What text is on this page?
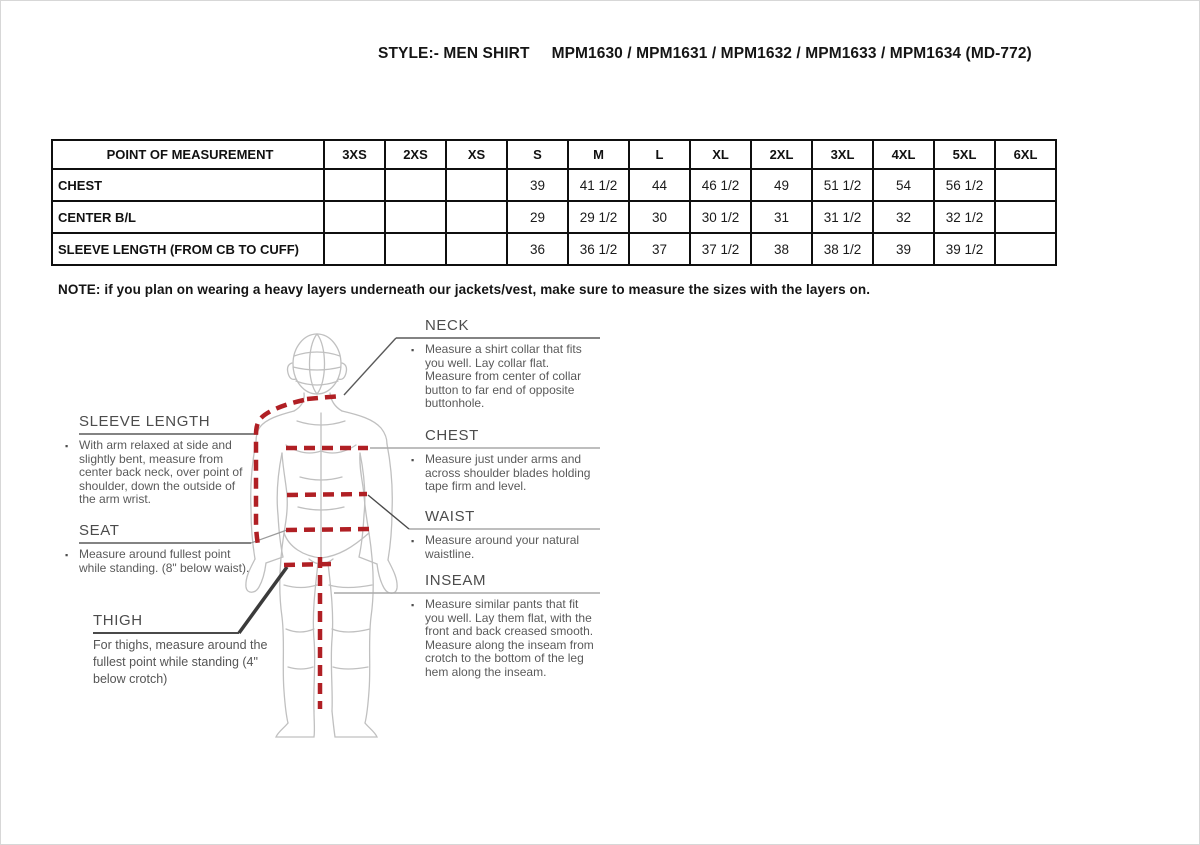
STYLE:- MEN SHIRT     MPM1630 / MPM1631 / MPM1632 / MPM1633 / MPM1634 (MD-772)
POINT OF MEASUREMENT	3XS	2XS	XS	S	M	L	XL	2XL	3XL	4XL	5XL	6XL
CHEST				39	41 1/2	44	46 1/2	49	51 1/2	54	56 1/2	
CENTER B/L				29	29 1/2	30	30 1/2	31	31 1/2	32	32 1/2	
SLEEVE LENGTH (FROM CB TO CUFF)				36	36 1/2	37	37 1/2	38	38 1/2	39	39 1/2	
NOTE: if you plan on wearing a heavy layers underneath our jackets/vest, make sure to measure the sizes with the layers on.
NECK
▪ Measure a shirt collar that fits you well. Lay collar flat. Measure from center of collar button to far end of opposite buttonhole.
CHEST
▪ Measure just under arms and across shoulder blades holding tape firm and level.
WAIST
▪ Measure around your natural waistline.
INSEAM
▪ Measure similar pants that fit you well. Lay them flat, with the front and back creased smooth. Measure along the inseam from crotch to the bottom of the leg hem along the inseam.
SLEEVE LENGTH
▪ With arm relaxed at side and slightly bent, measure from center back neck, over point of shoulder, down the outside of the arm wrist.
SEAT
▪ Measure around fullest point while standing. (8" below waist).
THIGH
For thighs, measure around the fullest point while standing (4" below crotch)
